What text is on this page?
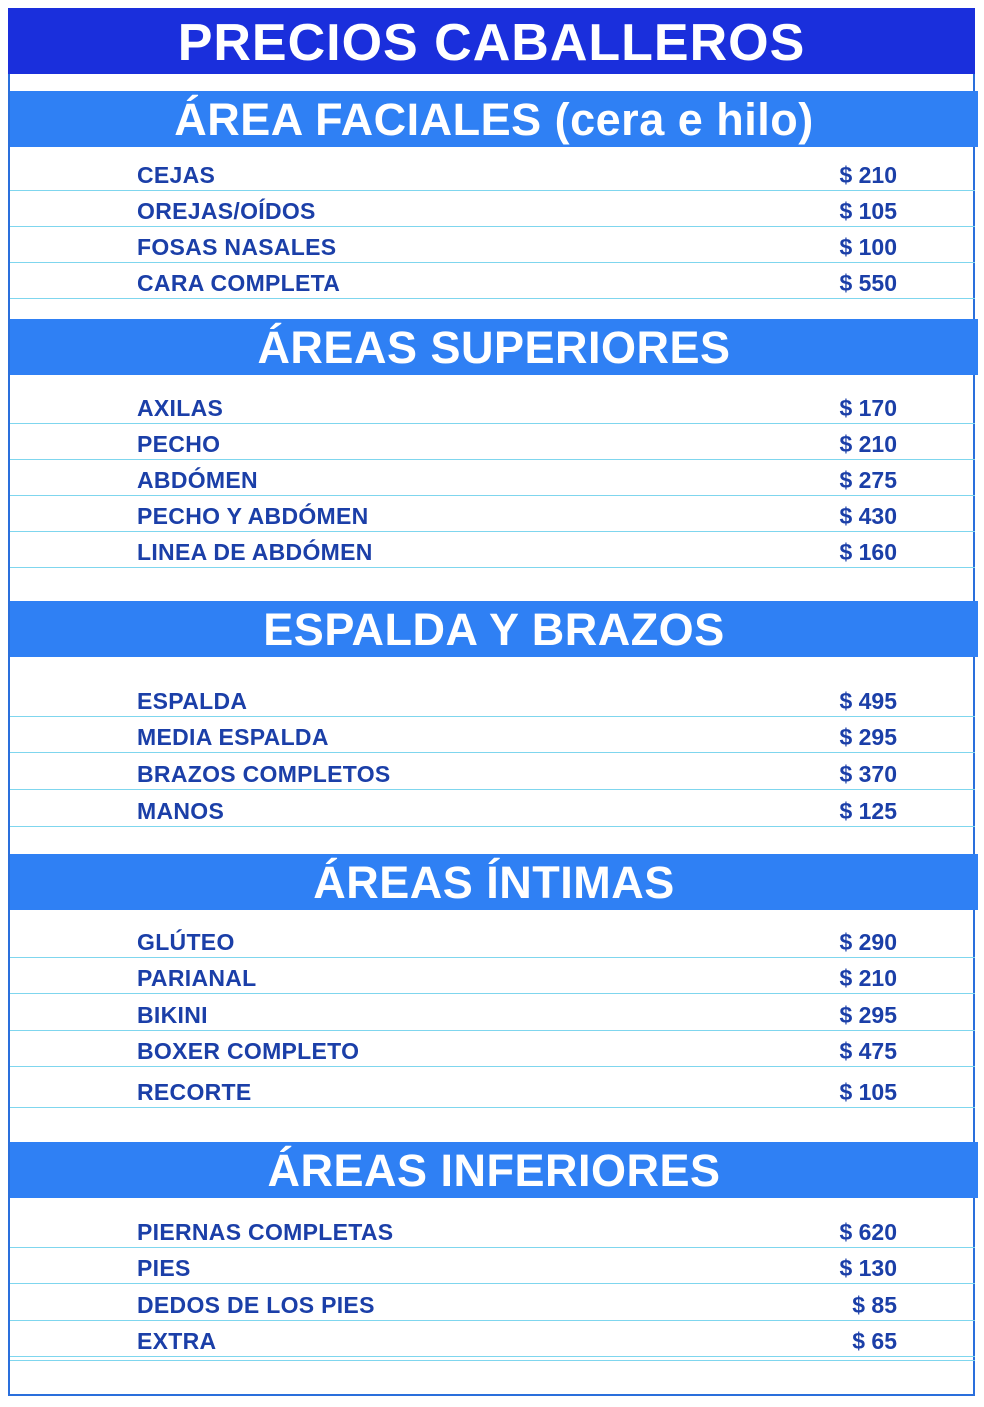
PRECIOS CABALLEROS
ÁREA FACIALES (cera e hilo)
CEJAS	$ 210
OREJAS/OÍDOS	$ 105
FOSAS NASALES	$ 100
CARA COMPLETA	$ 550
ÁREAS SUPERIORES
AXILAS	$ 170
PECHO	$ 210
ABDÓMEN	$ 275
PECHO Y ABDÓMEN	$ 430
LINEA DE ABDÓMEN	$ 160
ESPALDA Y BRAZOS
ESPALDA	$ 495
MEDIA ESPALDA	$ 295
BRAZOS COMPLETOS	$ 370
MANOS	$ 125
ÁREAS ÍNTIMAS
GLÚTEO	$ 290
PARIANAL	$ 210
BIKINI	$ 295
BOXER COMPLETO	$ 475
RECORTE	$ 105
ÁREAS INFERIORES
PIERNAS COMPLETAS	$ 620
PIES	$ 130
DEDOS DE LOS PIES	$ 85
EXTRA	$ 65
